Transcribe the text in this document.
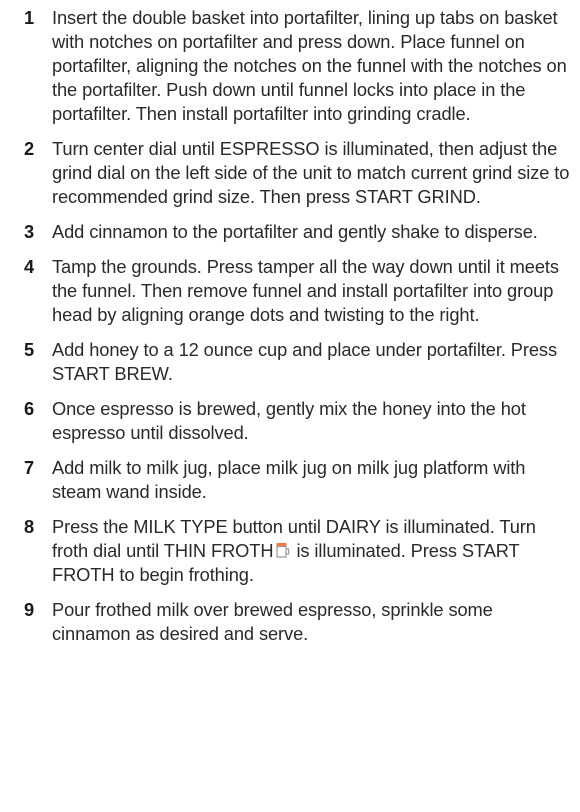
1 Insert the double basket into portafilter, lining up tabs on basket with notches on portafilter and press down. Place funnel on portafilter, aligning the notches on the funnel with the notches on the portafilter. Push down until funnel locks into place in the portafilter. Then install portafilter into grinding cradle.
2 Turn center dial until ESPRESSO is illuminated, then adjust the grind dial on the left side of the unit to match current grind size to recommended grind size. Then press START GRIND.
3 Add cinnamon to the portafilter and gently shake to disperse.
4 Tamp the grounds. Press tamper all the way down until it meets the funnel. Then remove funnel and install portafilter into group head by aligning orange dots and twisting to the right.
5 Add honey to a 12 ounce cup and place under portafilter. Press START BREW.
6 Once espresso is brewed, gently mix the honey into the hot espresso until dissolved.
7 Add milk to milk jug, place milk jug on milk jug platform with steam wand inside.
8 Press the MILK TYPE button until DAIRY is illuminated. Turn froth dial until THIN FROTH is illuminated. Press START FROTH to begin frothing.
9 Pour frothed milk over brewed espresso, sprinkle some cinnamon as desired and serve.
